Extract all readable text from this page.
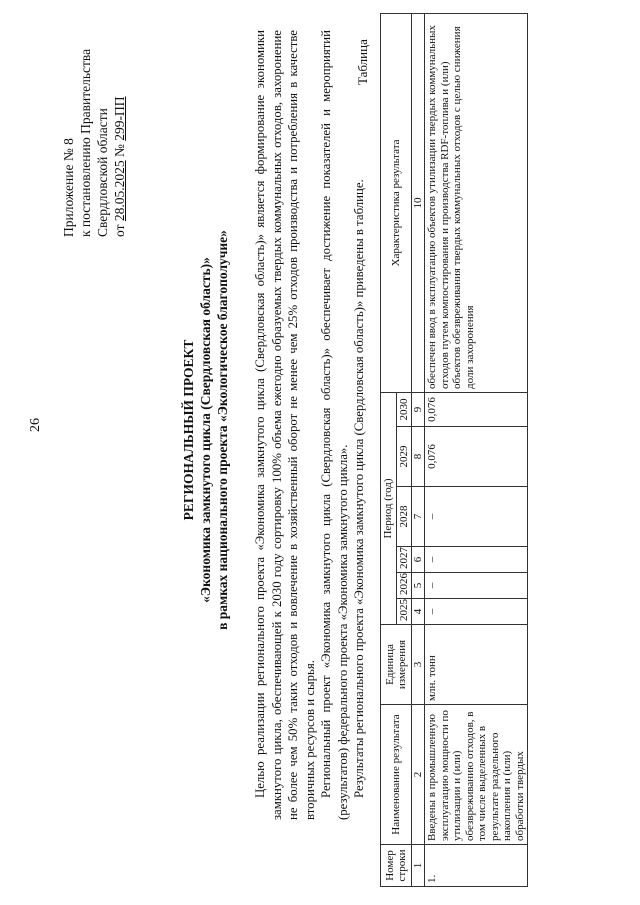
26
Приложение № 8 к постановлению Правительства Свердловской области от 28.05.2025 № 299-ПП
РЕГИОНАЛЬНЫЙ ПРОЕКТ «Экономика замкнутого цикла (Свердловская область)» в рамках национального проекта «Экологическое благополучие» Целью реализации регионального проекта «Экономика замкнутого цикла (Свердловская область)» является формирование экономики замкнутого цикла, обеспечивающей к 2030 году сортировку 100% объема ежегодно образуемых твердых коммунальных отходов, захоронение не более чем 50% таких отходов и вовлечение в хозяйственный оборот не менее чем 25% отходов производства и потребления в качестве вторичных ресурсов и сырья. Региональный проект «Экономика замкнутого цикла (Свердловская область)» обеспечивает достижение показателей и мероприятий (результатов) федерального проекта «Экономика замкнутого цикла». Результаты регионального проекта «Экономика замкнутого цикла (Свердловская область)» приведены в таблице.

Таблица
Номер строки	Наименование результата	Единица измерения	Период (год)						Характеристика результата
			2025	2026	2027	2028	2029	2030	
1	2	3	4	5	6	7	8	9	10
1.	Введены в промышленную эксплуатацию мощности по утилизации и (или) обезвреживанию отходов, в том числе выделенных в результате раздельного накопления и (или) обработки твердых	млн. тонн	–	–	–	–	0,076	0,076	обеспечен ввод в эксплуатацию объектов утилизации твердых коммунальных отходов путем компостирования и производства RDF-топлива и (или) объектов обезвреживания твердых коммунальных отходов с целью снижения доли захоронения
